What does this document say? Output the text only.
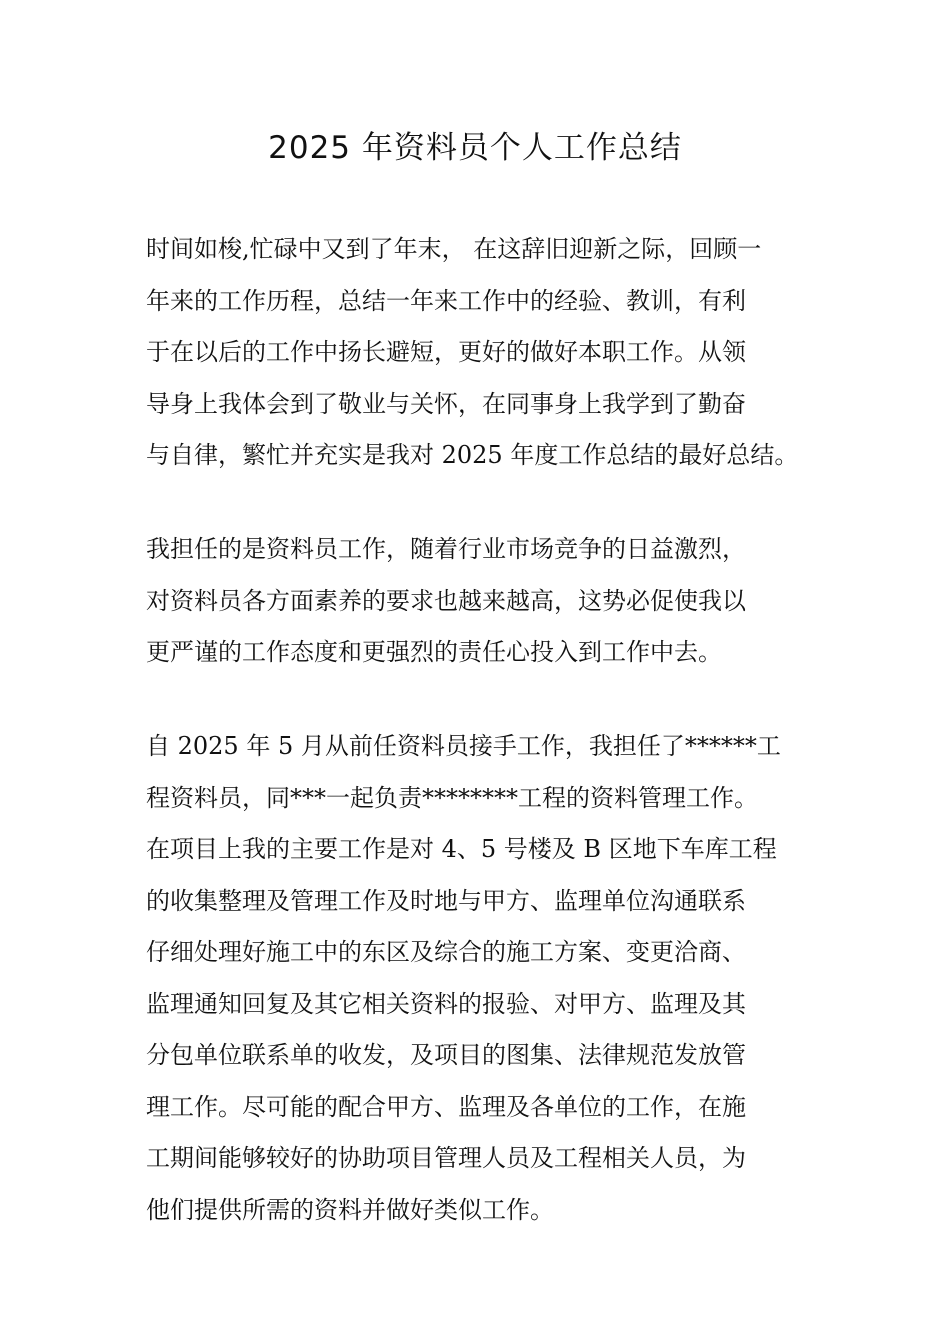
2025 年资料员个人工作总结
时间如梭,忙碌中又到了年末， 在这辞旧迎新之际，回顾一
年来的工作历程，总结一年来工作中的经验、教训，有利
于在以后的工作中扬长避短，更好的做好本职工作。从领
导身上我体会到了敬业与关怀，在同事身上我学到了勤奋
与自律，繁忙并充实是我对 2025 年度工作总结的最好总结。
我担任的是资料员工作，随着行业市场竞争的日益激烈，
对资料员各方面素养的要求也越来越高，这势必促使我以
更严谨的工作态度和更强烈的责任心投入到工作中去。
自 2025 年 5 月从前任资料员接手工作，我担任了******工
程资料员，同***一起负责********工程的资料管理工作。
在项目上我的主要工作是对 4、5 号楼及 B 区地下车库工程
的收集整理及管理工作及时地与甲方、监理单位沟通联系
仔细处理好施工中的东区及综合的施工方案、变更洽商、
监理通知回复及其它相关资料的报验、对甲方、监理及其
分包单位联系单的收发，及项目的图集、法律规范发放管
理工作。尽可能的配合甲方、监理及各单位的工作，在施
工期间能够较好的协助项目管理人员及工程相关人员，为
他们提供所需的资料并做好类似工作。
